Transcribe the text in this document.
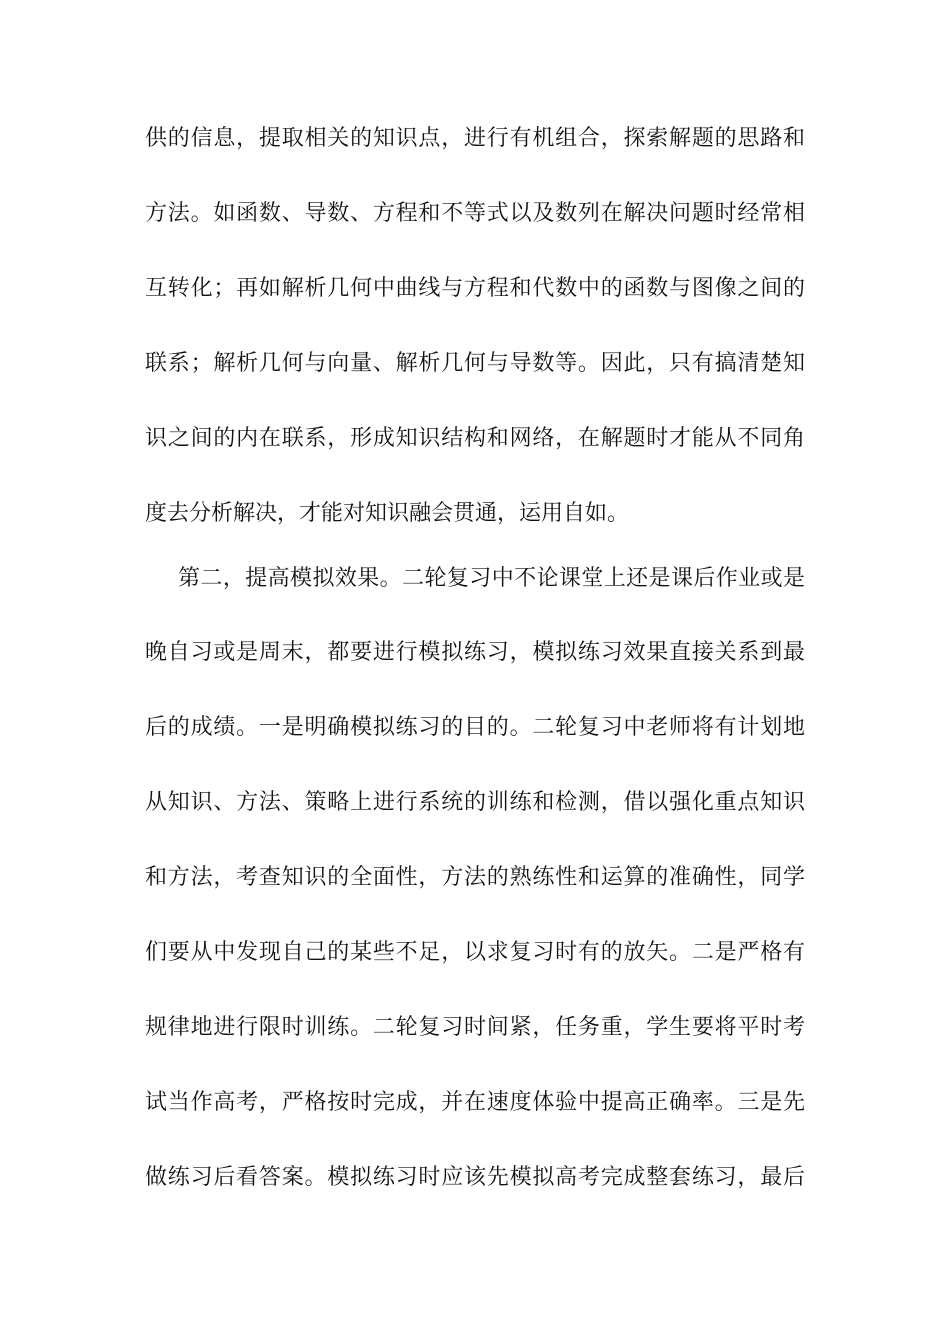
供的信息，提取相关的知识点，进行有机组合，探索解题的思路和
方法。如函数、导数、方程和不等式以及数列在解决问题时经常相
互转化；再如解析几何中曲线与方程和代数中的函数与图像之间的
联系；解析几何与向量、解析几何与导数等。因此，只有搞清楚知
识之间的内在联系，形成知识结构和网络，在解题时才能从不同角
度去分析解决，才能对知识融会贯通，运用自如。
第二，提高模拟效果。二轮复习中不论课堂上还是课后作业或是
晚自习或是周末，都要进行模拟练习，模拟练习效果直接关系到最
后的成绩。一是明确模拟练习的目的。二轮复习中老师将有计划地
从知识、方法、策略上进行系统的训练和检测，借以强化重点知识
和方法，考查知识的全面性，方法的熟练性和运算的准确性，同学
们要从中发现自己的某些不足，以求复习时有的放矢。二是严格有
规律地进行限时训练。二轮复习时间紧，任务重，学生要将平时考
试当作高考，严格按时完成，并在速度体验中提高正确率。三是先
做练习后看答案。模拟练习时应该先模拟高考完成整套练习，最后
